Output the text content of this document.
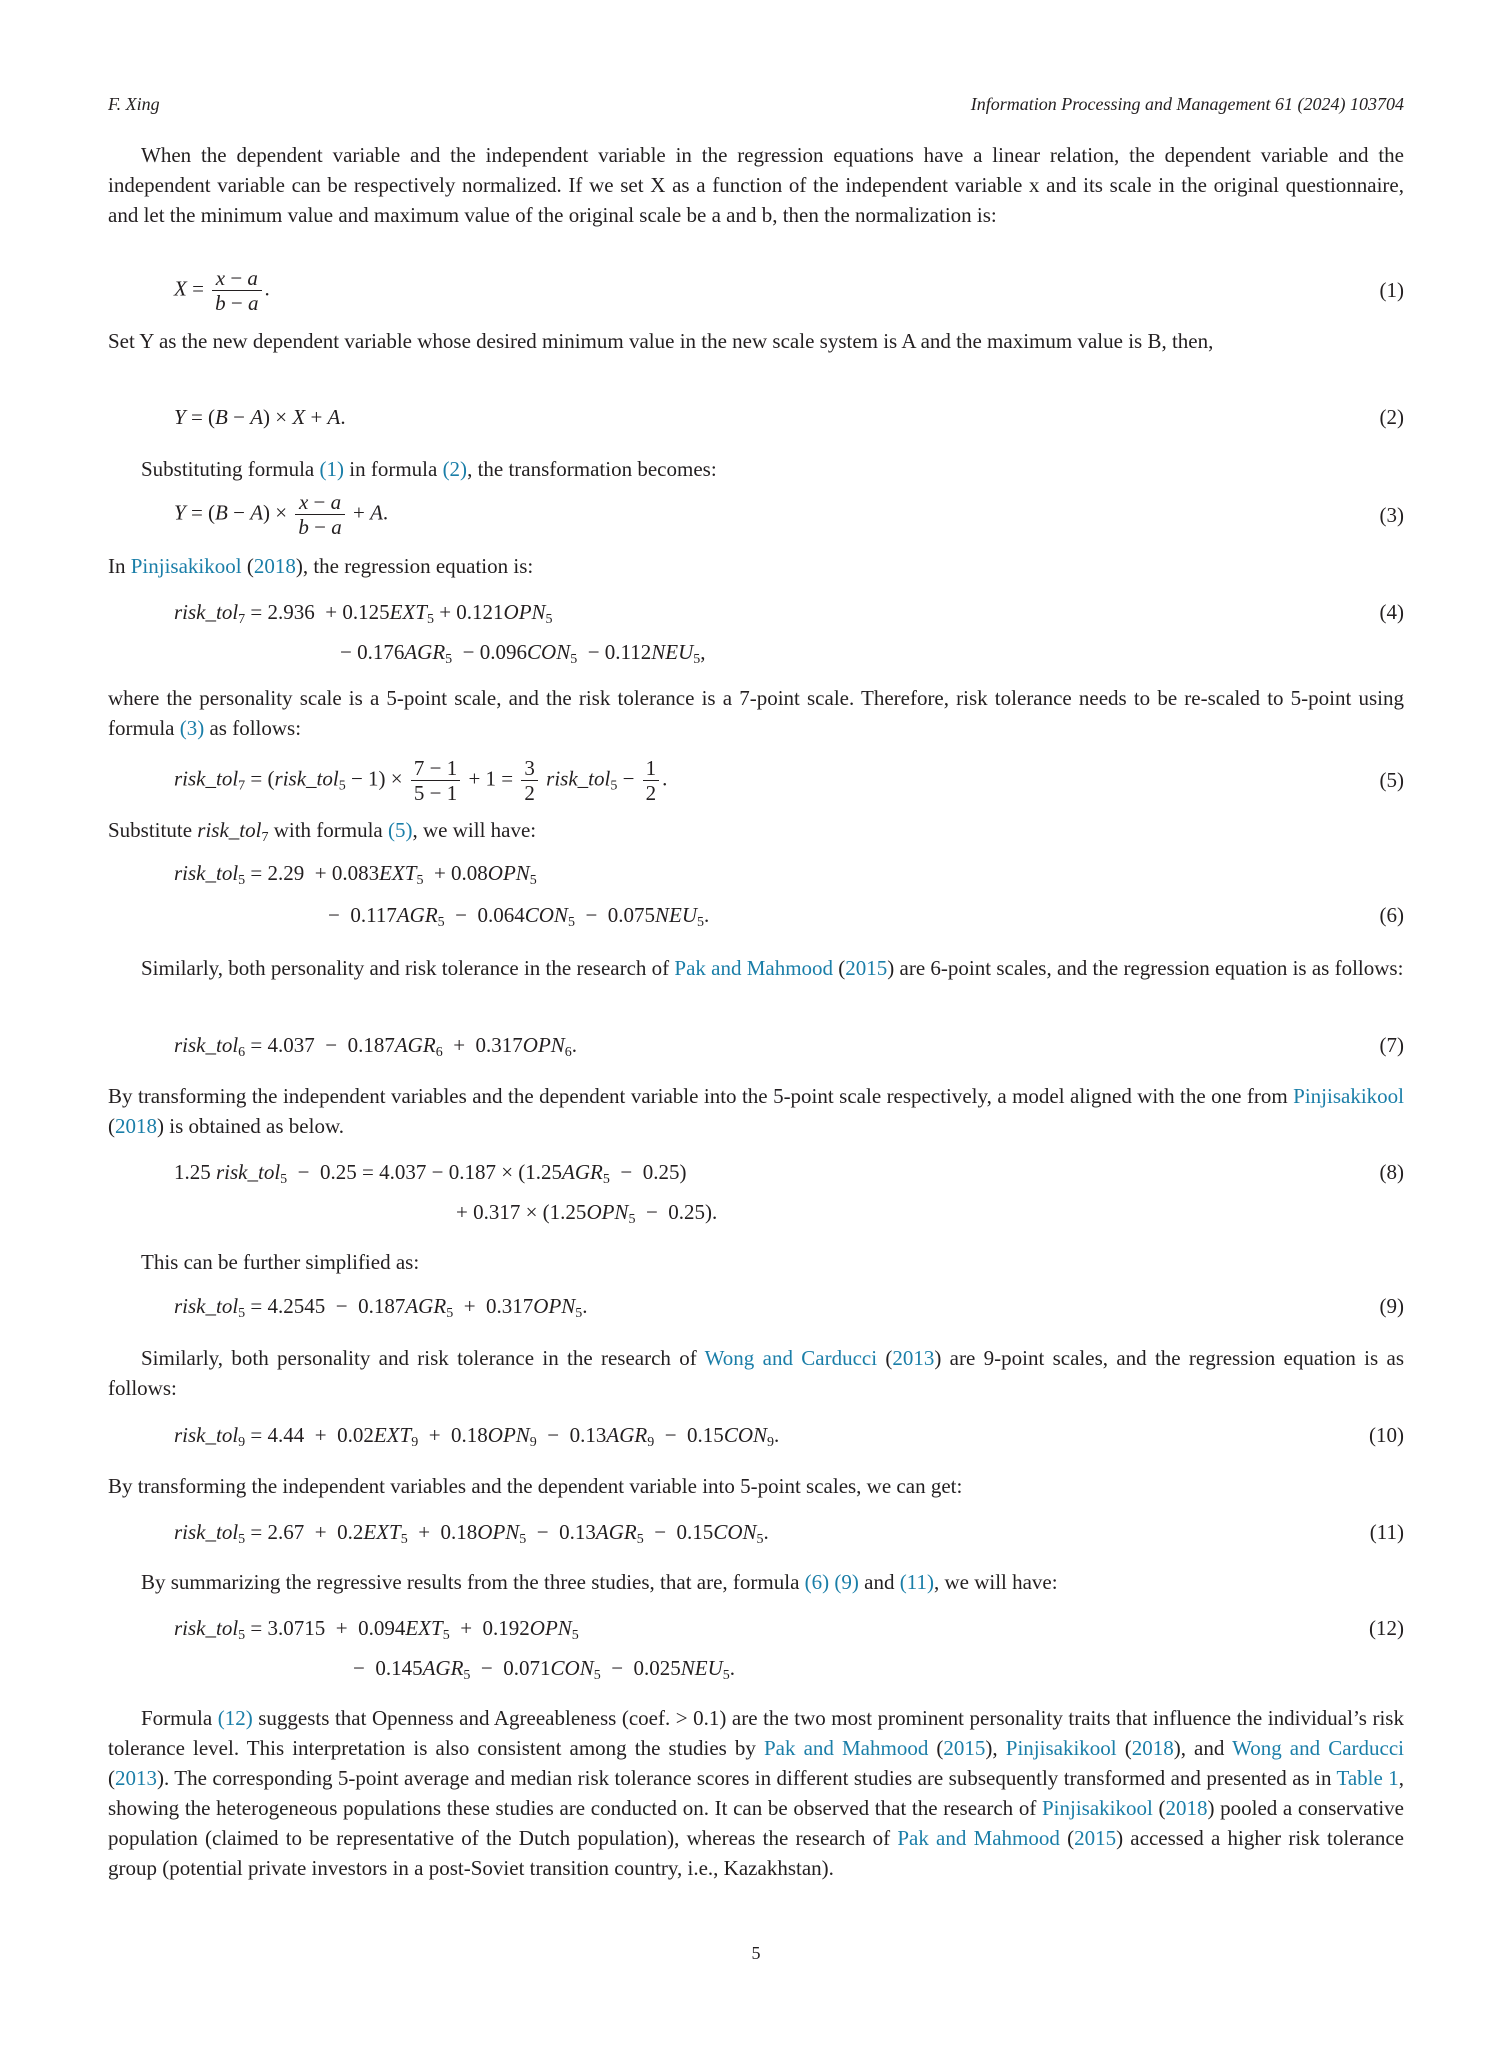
F. Xing	Information Processing and Management 61 (2024) 103704
When the dependent variable and the independent variable in the regression equations have a linear relation, the dependent variable and the independent variable can be respectively normalized. If we set X as a function of the independent variable x and its scale in the original questionnaire, and let the minimum value and maximum value of the original scale be a and b, then the normalization is:
$X = \frac{x - a}{b - a}$ .	(1)
Set Y as the new dependent variable whose desired minimum value in the new scale system is A and the maximum value is B, then,
Y = (B − A) × X + A.	(2)
Substituting formula (1) in formula (2), the transformation becomes:
$Y = (B - A) \times \frac{x - a}{b - a} + A$.	(3)
In Pinjisakikool (2018), the regression equation is:
risk_tol$_7$ = $2.936 + 0.125EXT_5 + 0.121OPN_5$
− $0.176AGR_5 - 0.096CON_5 - 0.112NEU_5$,
(4)
where the personality scale is a 5-point scale, and the risk tolerance is a 7-point scale. Therefore, risk tolerance needs to be re-scaled to 5-point using formula (3) as follows:
risk_tol$_7$ = (risk_tol$_5$ − $1) \times \frac{7 - 1}{5 - 1} + 1 = \frac{3}{2}$ risk_tol$_5$ − $\frac{1}{2}$ .	(5)
Substitute risk_tol$_7$ with formula (5), we will have:
risk_tol$_5$ = $2.29 + 0.083EXT_5 + 0.08OPN_5$
−  $0.117AGR_5 - 0.064CON_5 - 0.075NEU_5$.	(6)
Similarly, both personality and risk tolerance in the research of Pak and Mahmood (2015) are 6-point scales, and the regression equation is as follows:
risk_tol$_6$ = $4.037 - 0.187AGR_6 + 0.317OPN_6$.	(7)
By transforming the independent variables and the dependent variable into the 5-point scale respectively, a model aligned with the one from Pinjisakikool (2018) is obtained as below.
1.25 risk_tol$_5$  −  $0.25 = 4.037 - 0.187 \times (1.25AGR_5 - 0.25)$
+ $0.317 \times (1.25OPN_5 - 0.25)$.
(8)
This can be further simplified as:
risk_tol$_5$ = $4.2545 - 0.187AGR_5 + 0.317OPN_5$.	(9)
Similarly, both personality and risk tolerance in the research of Wong and Carducci (2013) are 9-point scales, and the regression equation is as follows:
risk_tol$_9$ = $4.44 + 0.02EXT_9 + 0.18OPN_9 - 0.13AGR_9 - 0.15CON_9$.	(10)
By transforming the independent variables and the dependent variable into 5-point scales, we can get:
risk_tol$_5$ = $2.67 + 0.2EXT_5 + 0.18OPN_5 - 0.13AGR_5 - 0.15CON_5$.	(11)
By summarizing the regressive results from the three studies, that are, formula (6) (9) and (11), we will have:
risk_tol$_5$ = $3.0715 + 0.094EXT_5 + 0.192OPN_5$
−  $0.145AGR_5 - 0.071CON_5 - 0.025NEU_5$.
(12)
Formula (12) suggests that Openness and Agreeableness (coef. > 0.1) are the two most prominent personality traits that influence the individual’s risk tolerance level. This interpretation is also consistent among the studies by Pak and Mahmood (2015), Pinjisakikool (2018), and Wong and Carducci (2013). The corresponding 5-point average and median risk tolerance scores in different studies are subsequently transformed and presented as in Table 1, showing the heterogeneous populations these studies are conducted on. It can be observed that the research of Pinjisakikool (2018) pooled a conservative population (claimed to be representative of the Dutch population), whereas the research of Pak and Mahmood (2015) accessed a higher risk tolerance group (potential private investors in a post-Soviet transition country, i.e., Kazakhstan).
5
